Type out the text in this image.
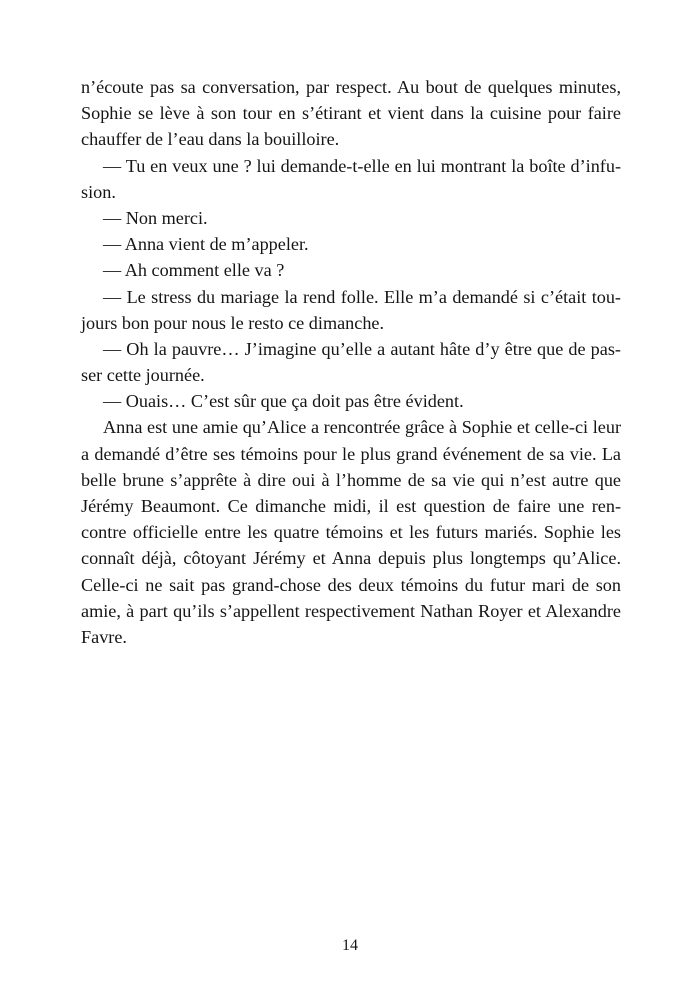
n’écoute pas sa conversation, par respect. Au bout de quelques minutes,
Sophie se lève à son tour en s’étirant et vient dans la cuisine pour faire
chauffer de l’eau dans la bouilloire.
— Tu en veux une ? lui demande-t-elle en lui montrant la boîte d’infu-
sion.
— Non merci.
— Anna vient de m’appeler.
— Ah comment elle va ?
— Le stress du mariage la rend folle. Elle m’a demandé si c’était tou-
jours bon pour nous le resto ce dimanche.
— Oh la pauvre… J’imagine qu’elle a autant hâte d’y être que de pas-
ser cette journée.
— Ouais… C’est sûr que ça doit pas être évident.
Anna est une amie qu’Alice a rencontrée grâce à Sophie et celle-ci leur
a demandé d’être ses témoins pour le plus grand événement de sa vie. La
belle brune s’apprête à dire oui à l’homme de sa vie qui n’est autre que
Jérémy Beaumont. Ce dimanche midi, il est question de faire une ren-
contre officielle entre les quatre témoins et les futurs mariés. Sophie les
connaît déjà, côtoyant Jérémy et Anna depuis plus longtemps qu’Alice.
Celle-ci ne sait pas grand-chose des deux témoins du futur mari de son
amie, à part qu’ils s’appellent respectivement Nathan Royer et Alexandre
Favre.
14
